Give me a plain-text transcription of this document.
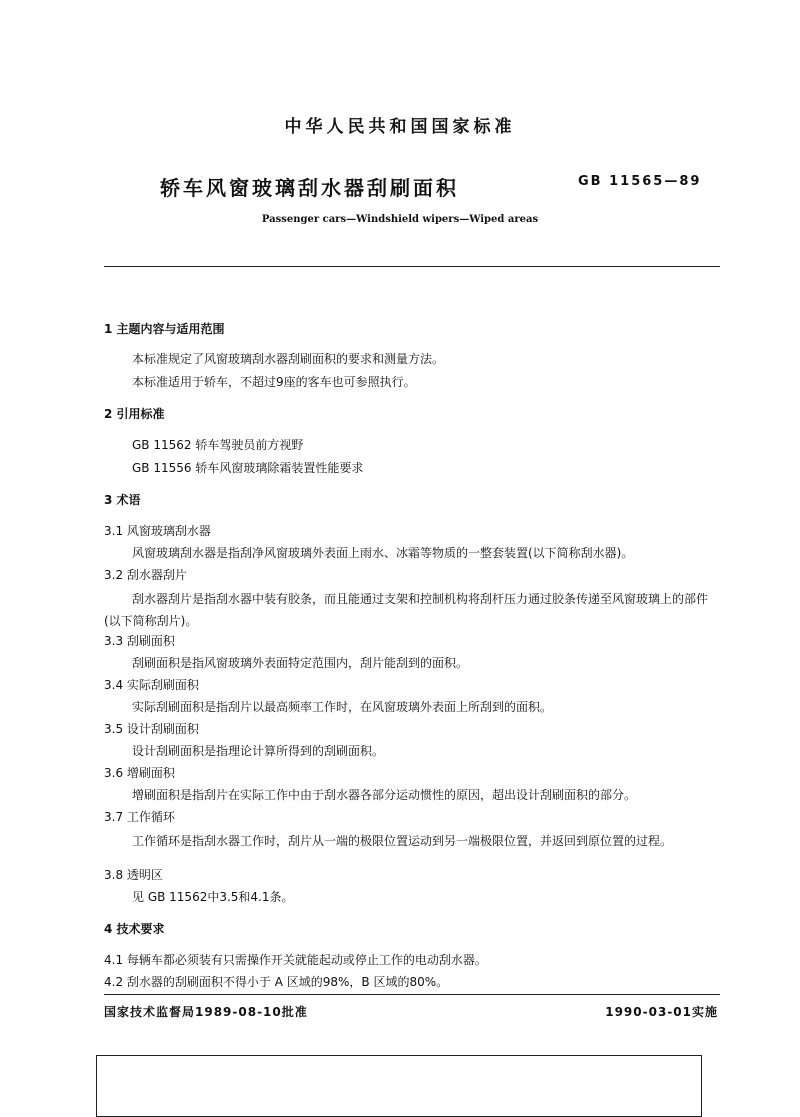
中华人民共和国国家标准
轿车风窗玻璃刮水器刮刷面积	GB 11565—89
Passenger cars—Windshield wipers—Wiped areas
1 主题内容与适用范围
本标准规定了风窗玻璃刮水器刮刷面积的要求和测量方法。
本标准适用于轿车，不超过9座的客车也可参照执行。
2 引用标准
GB 11562 轿车驾驶员前方视野
GB 11556 轿车风窗玻璃除霜装置性能要求
3 术语
3.1 风窗玻璃刮水器
风窗玻璃刮水器是指刮净风窗玻璃外表面上雨水、冰霜等物质的一整套装置(以下简称刮水器)。
3.2 刮水器刮片
刮水器刮片是指刮水器中装有胶条，而且能通过支架和控制机构将刮杆压力通过胶条传递至风窗玻璃上的部件(以下简称刮片)。
3.3 刮刷面积
刮刷面积是指风窗玻璃外表面特定范围内，刮片能刮到的面积。
3.4 实际刮刷面积
实际刮刷面积是指刮片以最高频率工作时，在风窗玻璃外表面上所刮到的面积。
3.5 设计刮刷面积
设计刮刷面积是指理论计算所得到的刮刷面积。
3.6 增刷面积
增刷面积是指刮片在实际工作中由于刮水器各部分运动惯性的原因，超出设计刮刷面积的部分。
3.7 工作循环
工作循环是指刮水器工作时，刮片从一端的极限位置运动到另一端极限位置，并返回到原位置的过程。
3.8 透明区
见 GB 11562中3.5和4.1条。
4 技术要求
4.1 每辆车都必须装有只需操作开关就能起动或停止工作的电动刮水器。
4.2 刮水器的刮刷面积不得小于 A 区域的98%，B 区域的80%。
国家技术监督局1989-08-10批准	1990-03-01实施
